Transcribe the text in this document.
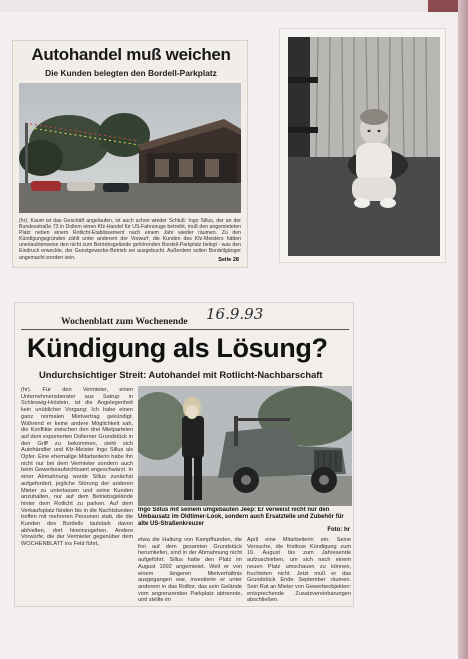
Autohandel muß weichen
Die Kunden belegten den Bordell-Parkplatz
(hr). Kaum ist das Geschäft angelaufen, ist auch schon wieder Schluß: Ingo Sillus, der an der Bundesstraße 73 in Dollern einen Kfz-Handel für US-Fahrzeuge betreibt, muß den angemieteten Platz neben einem Rotlicht-Etablissement nach einem Jahr wieder räumen. Zu den Kündigungsgründen zählt unter anderem der Vorwurf, die Kunden des Kfz-Meisters hätten unerlaubterweise den nicht zum Betriebsgelände gehörenden Bordell-Parkplatz belegt - was den Eindruck erweckte, der Gunstgewerbe-Betrieb sei ausgebucht. Außerdem sollen Bordellgänger angemacht worden sein.	Seite 28
Wochenblatt zum Wochenende	16.9.93
Kündigung als Lösung?
Undurchsichtiger Streit: Autohandel mit Rotlicht-Nachbarschaft
(hr). Für den Vermieter, einen Unternehmensberater aus Satrup in Schleswig-Holstein, ist die Angelegenheit kein unüblicher Vorgang: Ich habe einen ganz normalen Mietvertrag gekündigt. Während er keine andere Möglichkeit sah, die Konflikte zwischen den drei Mietparteien auf dem exponierten Dollerner Grundstück in den Griff zu bekommen, sieht sich Autohändler und Kfz-Meister Ingo Sillus als Opfer. Eine ehemalige Mitarbeiterin habe ihn nicht nur bei dem Vermieter sondern auch beim Gewerbeaufsichtsamt angeschwärzt. In einer Abmahnung wurde Sillus zunächst aufgefordert, jegliche Störung der anderen Mieter zu unterlassen und seine Kunden anzuhalten, nur auf dem Betriebsgelände hinter dem Rotlicht zu parken. Auf dem Verkaufsplatz fänden bis in die Nachtstunden treffen mit mehreren Personen statt, die die Kunden des Bordells lautstark davon abhielten, dort hineinzugehen. Andere Vorwürfe, die der Vermieter gegenüber dem WOCHENBLATT ins Feld führt,
Ingo Sillus mit seinem umgebauten Jeep: Er verweist nicht nur den Umbausatz im Oldtimer-Look, sondern auch Ersatzteile und Zubehör für alte US-Straßenkreuzer
Foto: hr
etwa die Haltung von Kampfhunden, die frei auf dem gesamten Grundstück herumliefen, sind in der Abmahnung nicht aufgeführt. Sillus hatte den Platz im August 1992 angemietet. Weil er von einem längeren Mietverhältnis ausgegangen war, investierte er unter anderem in das Rolltor, das sein Gelände vom angrenzenden Parkplatz abtrennte, und stellte im
April eine Mitarbeiterin ein. Seine Versuche, die fristlose Kündigung zum 16. August bis zum Jahresende aufzuschieben, um sich nach einem neuen Platz umschauen zu können, fruchteten nicht. Jetzt muß er das Grundstück Ende September räumen. Sein Rat an Mieter von Gewerbeobjekten: entsprechende Zusatzvereinbarungen abschließen.
